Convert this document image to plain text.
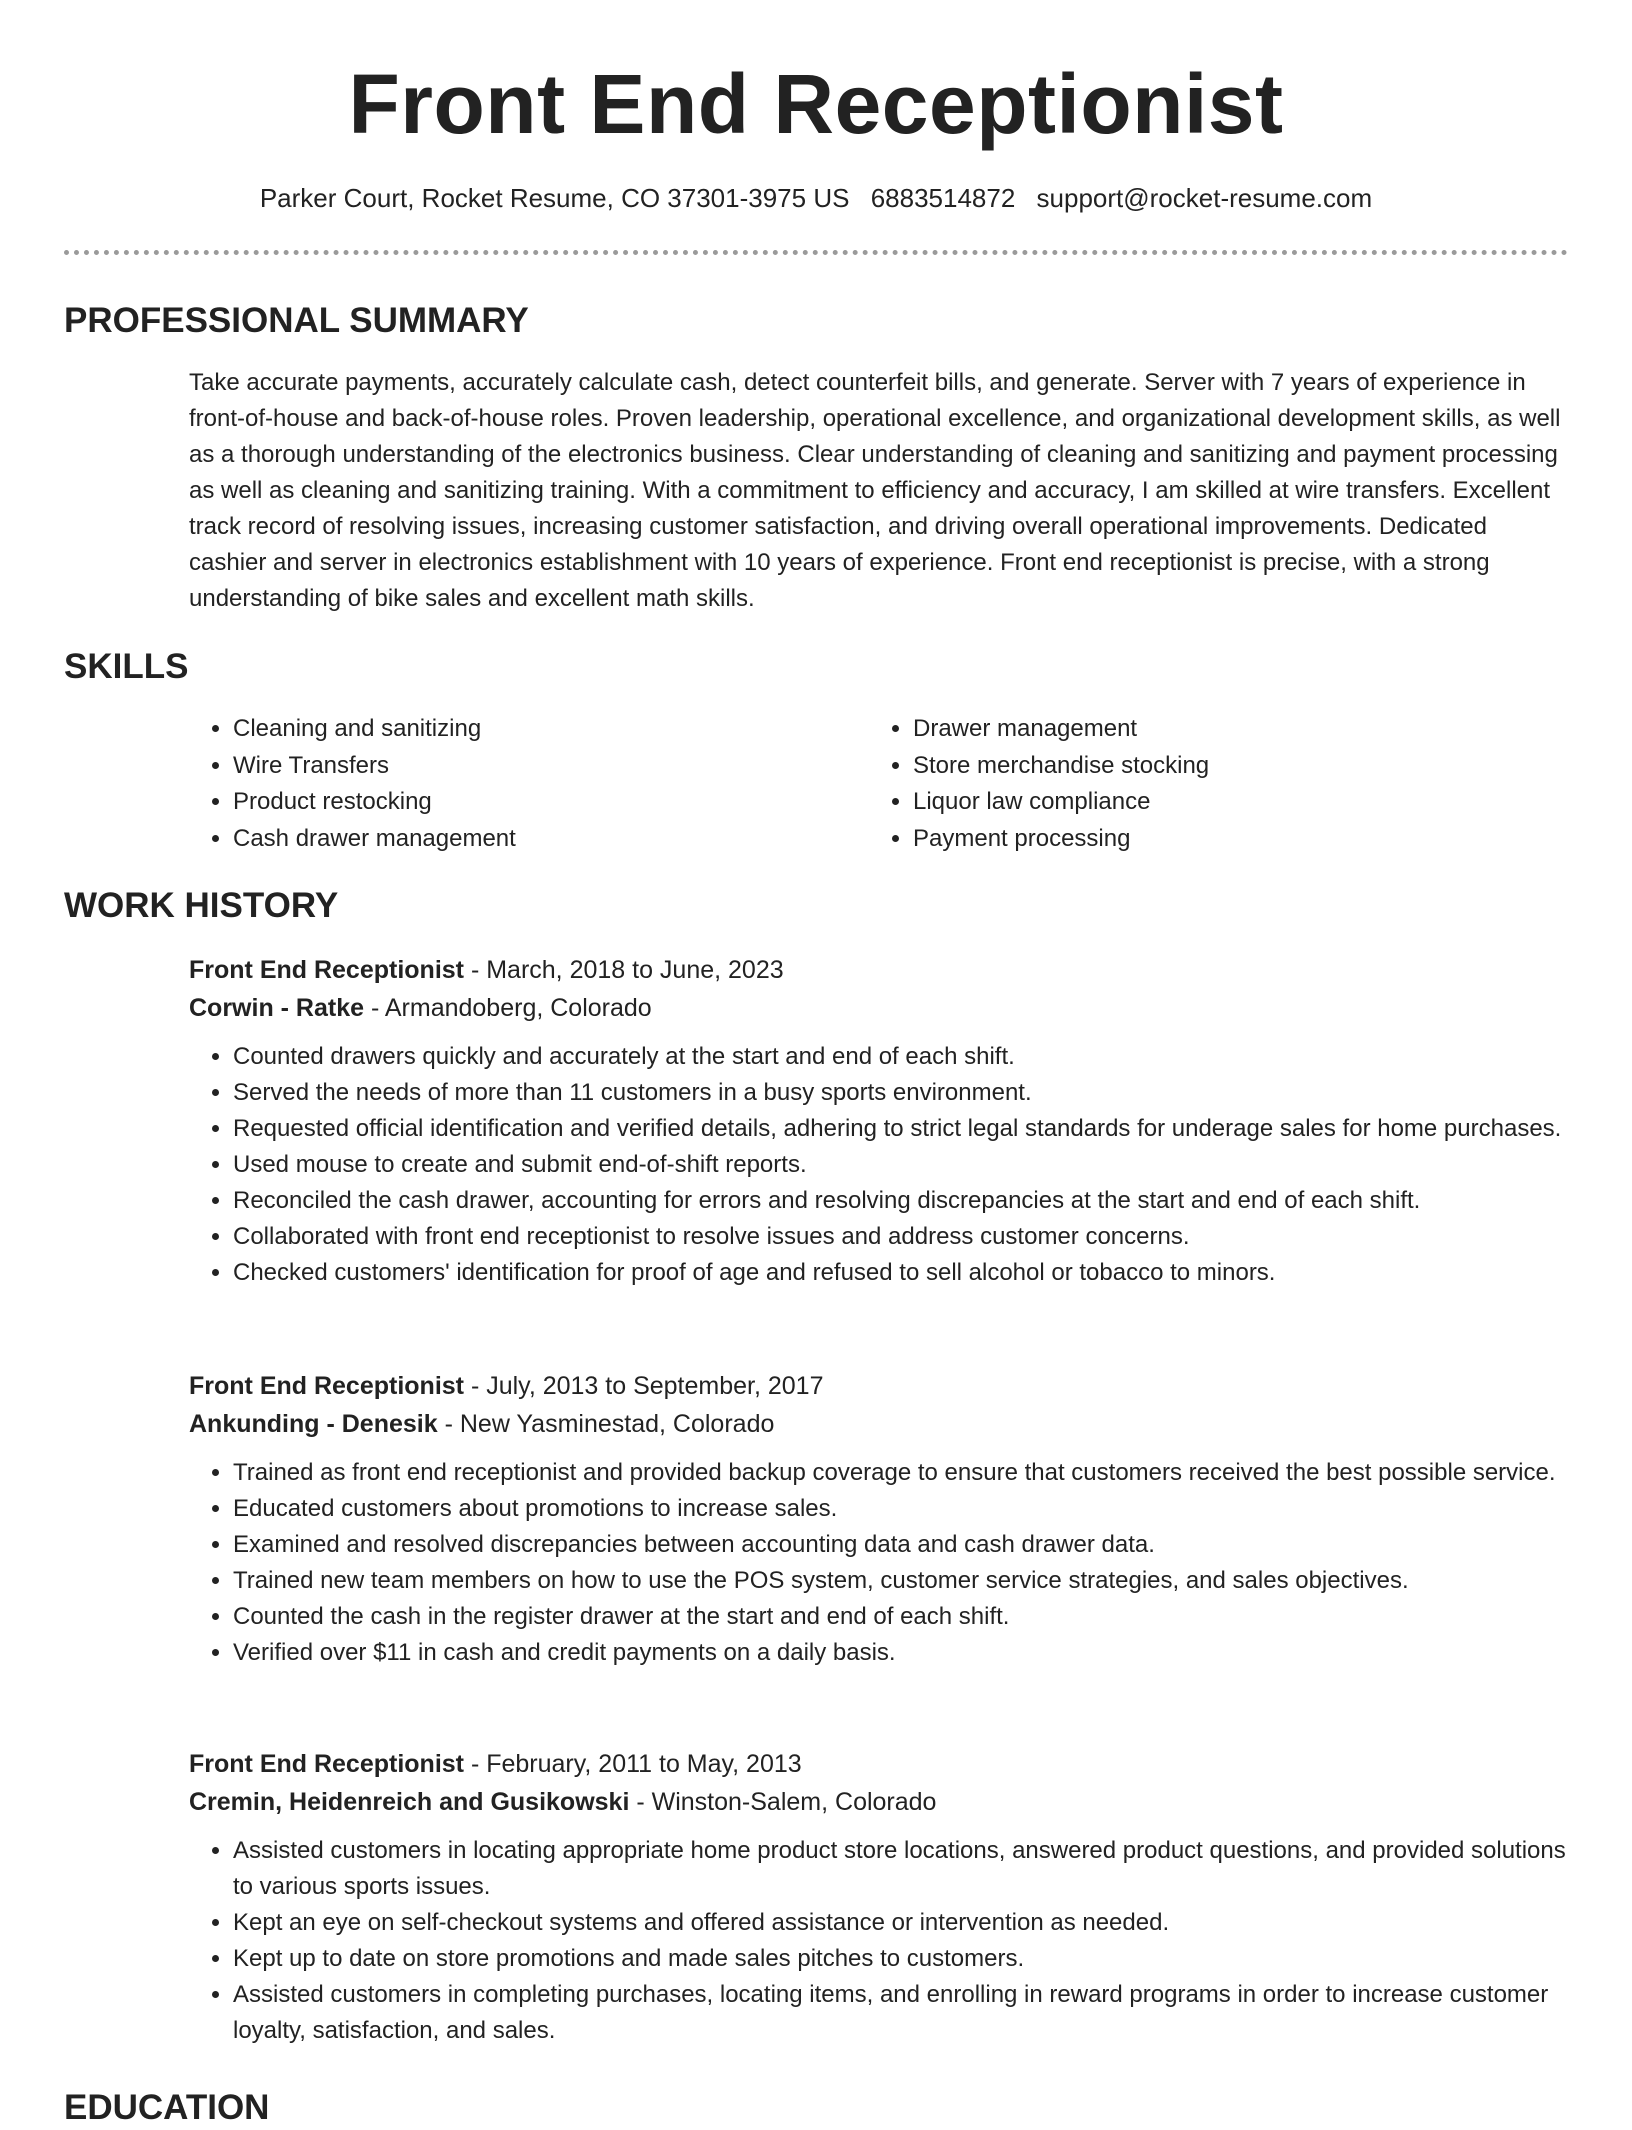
Front End Receptionist
Parker Court, Rocket Resume, CO 37301-3975 US 6883514872 support@rocket-resume.com
PROFESSIONAL SUMMARY
Take accurate payments, accurately calculate cash, detect counterfeit bills, and generate. Server with 7 years of experience in front-of-house and back-of-house roles. Proven leadership, operational excellence, and organizational development skills, as well as a thorough understanding of the electronics business. Clear understanding of cleaning and sanitizing and payment processing as well as cleaning and sanitizing training. With a commitment to efficiency and accuracy, I am skilled at wire transfers. Excellent track record of resolving issues, increasing customer satisfaction, and driving overall operational improvements. Dedicated cashier and server in electronics establishment with 10 years of experience. Front end receptionist is precise, with a strong understanding of bike sales and excellent math skills.
SKILLS
• Cleaning and sanitizing
• Wire Transfers
• Product restocking
• Cash drawer management
• Drawer management
• Store merchandise stocking
• Liquor law compliance
• Payment processing
WORK HISTORY
Front End Receptionist - March, 2018 to June, 2023
Corwin - Ratke - Armandoberg, Colorado
• Counted drawers quickly and accurately at the start and end of each shift.
• Served the needs of more than 11 customers in a busy sports environment.
• Requested official identification and verified details, adhering to strict legal standards for underage sales for home purchases.
• Used mouse to create and submit end-of-shift reports.
• Reconciled the cash drawer, accounting for errors and resolving discrepancies at the start and end of each shift.
• Collaborated with front end receptionist to resolve issues and address customer concerns.
• Checked customers' identification for proof of age and refused to sell alcohol or tobacco to minors.
Front End Receptionist - July, 2013 to September, 2017
Ankunding - Denesik - New Yasminestad, Colorado
• Trained as front end receptionist and provided backup coverage to ensure that customers received the best possible service.
• Educated customers about promotions to increase sales.
• Examined and resolved discrepancies between accounting data and cash drawer data.
• Trained new team members on how to use the POS system, customer service strategies, and sales objectives.
• Counted the cash in the register drawer at the start and end of each shift.
• Verified over $11 in cash and credit payments on a daily basis.
Front End Receptionist - February, 2011 to May, 2013
Cremin, Heidenreich and Gusikowski - Winston-Salem, Colorado
• Assisted customers in locating appropriate home product store locations, answered product questions, and provided solutions to various sports issues.
• Kept an eye on self-checkout systems and offered assistance or intervention as needed.
• Kept up to date on store promotions and made sales pitches to customers.
• Assisted customers in completing purchases, locating items, and enrolling in reward programs in order to increase customer loyalty, satisfaction, and sales.
EDUCATION
